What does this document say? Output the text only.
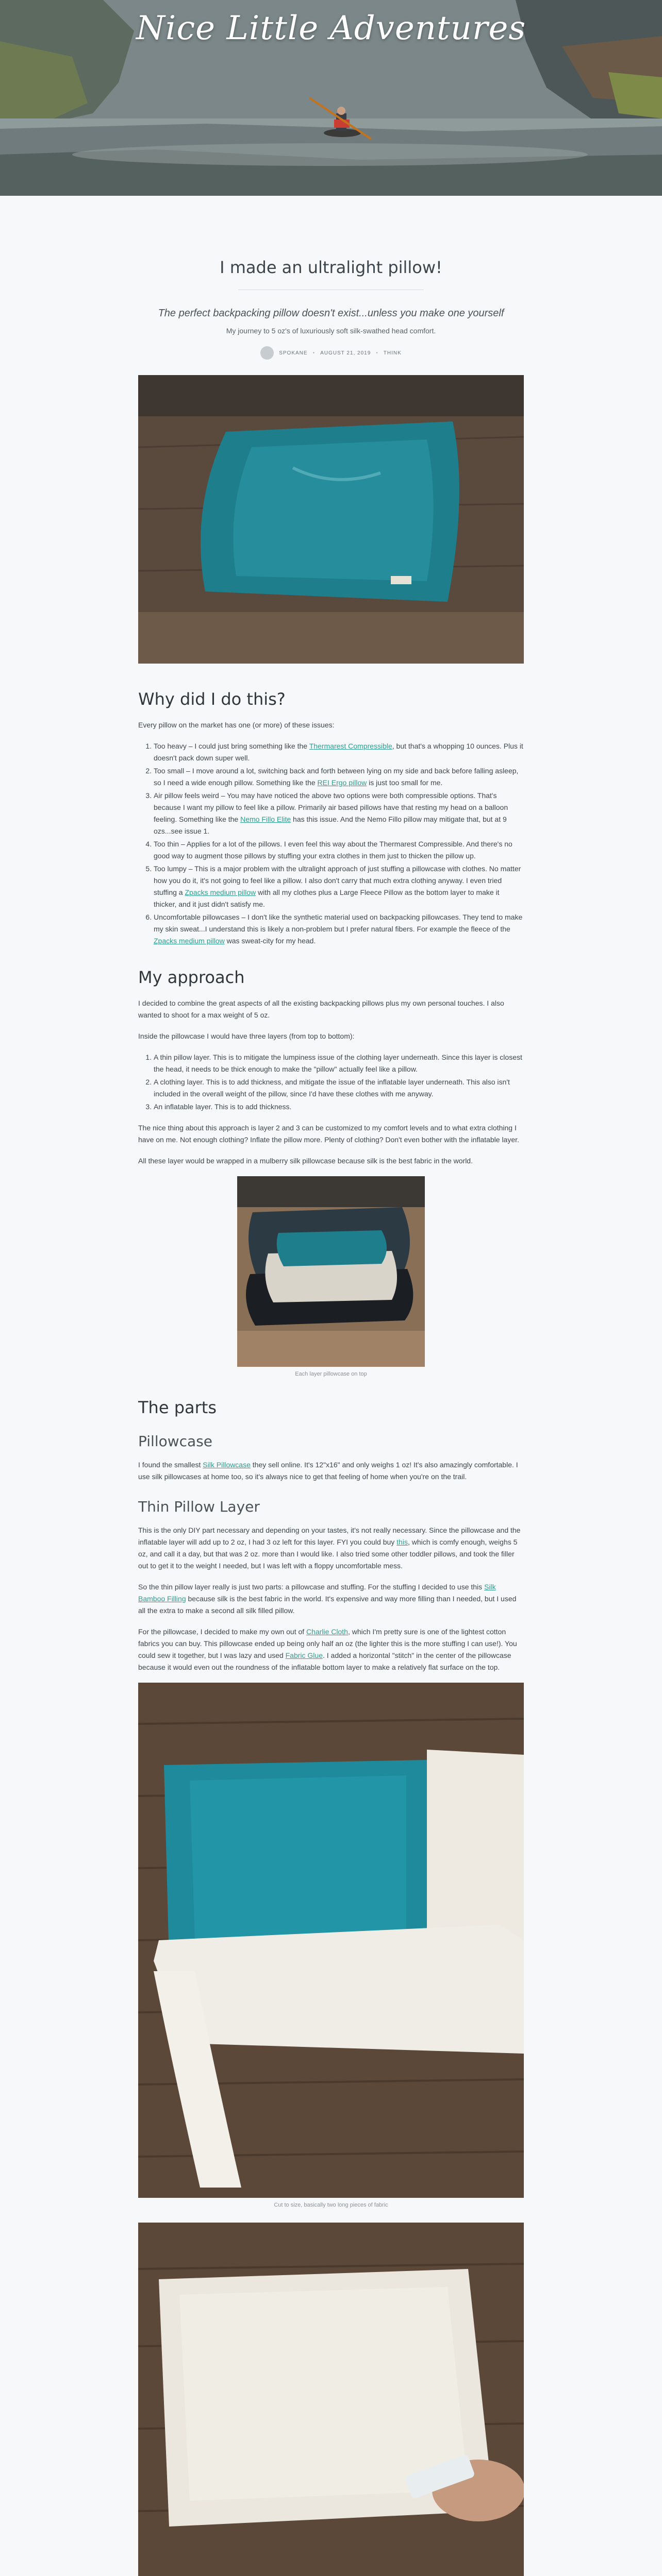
Nice Little Adventures
I made an ultralight pillow!
The perfect backpacking pillow doesn't exist...unless you make one yourself
My journey to 5 oz's of luxuriously soft silk-swathed head comfort.
SPOKANE • AUGUST 21, 2019 • THINK
Why did I do this?

Every pillow on the market has one (or more) of these issues:

1. Too heavy – I could just bring something like the Thermarest Compressible, but that's a whopping 10 ounces. Plus it doesn't pack down super well.
2. Too small – I move around a lot, switching back and forth between lying on my side and back before falling asleep, so I need a wide enough pillow. Something like the REI Ergo pillow is just too small for me.
3. Air pillow feels weird – You may have noticed the above two options were both compressible options. That's because I want my pillow to feel like a pillow. Primarily air based pillows have that resting my head on a balloon feeling. Something like the Nemo Fillo Elite has this issue. And the Nemo Fillo pillow may mitigate that, but at 9 ozs...see issue 1.
4. Too thin – Applies for a lot of the pillows. I even feel this way about the Thermarest Compressible. And there's no good way to augment those pillows by stuffing your extra clothes in them just to thicken the pillow up.
5. Too lumpy – This is a major problem with the ultralight approach of just stuffing a pillowcase with clothes. No matter how you do it, it's not going to feel like a pillow. I also don't carry that much extra clothing anyway. I even tried stuffing a Zpacks medium pillow with all my clothes plus a Large Fleece Pillow as the bottom layer to make it thicker, and it just didn't satisfy me.
6. Uncomfortable pillowcases – I don't like the synthetic material used on backpacking pillowcases. They tend to make my skin sweat...I understand this is likely a non-problem but I prefer natural fibers. For example the fleece of the Zpacks medium pillow was sweat-city for my head.
My approach

I decided to combine the great aspects of all the existing backpacking pillows plus my own personal touches. I also wanted to shoot for a max weight of 5 oz.

Inside the pillowcase I would have three layers (from top to bottom):

1. A thin pillow layer. This is to mitigate the lumpiness issue of the clothing layer underneath. Since this layer is closest the head, it needs to be thick enough to make the "pillow" actually feel like a pillow.
2. A clothing layer. This is to add thickness, and mitigate the issue of the inflatable layer underneath. This also isn't included in the overall weight of the pillow, since I'd have these clothes with me anyway.
3. An inflatable layer. This is to add thickness.

The nice thing about this approach is layer 2 and 3 can be customized to my comfort levels and to what extra clothing I have on me. Not enough clothing? Inflate the pillow more. Plenty of clothing? Don't even bother with the inflatable layer.

All these layer would be wrapped in a mulberry silk pillowcase because silk is the best fabric in the world.

Each layer pillowcase on top
The parts
Pillowcase

I found the smallest Silk Pillowcase they sell online. It's 12"x16" and only weighs 1 oz! It's also amazingly comfortable. I use silk pillowcases at home too, so it's always nice to get that feeling of home when you're on the trail.

Thin Pillow Layer

This is the only DIY part necessary and depending on your tastes, it's not really necessary. Since the pillowcase and the inflatable layer will add up to 2 oz, I had 3 oz left for this layer. FYI you could buy this, which is comfy enough, weighs 5 oz, and call it a day, but that was 2 oz. more than I would like. I also tried some other toddler pillows, and took the filler out to get it to the weight I needed, but I was left with a floppy uncomfortable mess.

So the thin pillow layer really is just two parts: a pillowcase and stuffing. For the stuffing I decided to use this Silk Bamboo Filling because silk is the best fabric in the world. It's expensive and way more filling than I needed, but I used all the extra to make a second all silk filled pillow.

For the pillowcase, I decided to make my own out of Charlie Cloth, which I'm pretty sure is one of the lightest cotton fabrics you can buy. This pillowcase ended up being only half an oz (the lighter this is the more stuffing I can use!). You could sew it together, but I was lazy and used Fabric Glue. I added a horizontal "stitch" in the center of the pillowcase because it would even out the roundness of the inflatable bottom layer to make a relatively flat surface on the top.

Cut to size, basically two long pieces of fabric
